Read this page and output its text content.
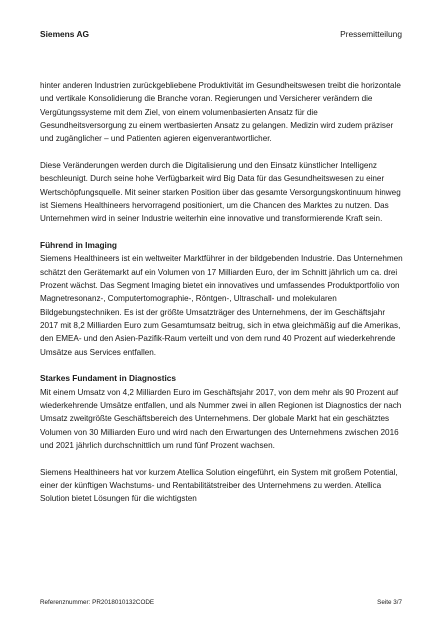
Siemens AG	Pressemitteilung

hinter anderen Industrien zurückgebliebene Produktivität im Gesundheitswesen treibt die horizontale und vertikale Konsolidierung die Branche voran. Regierungen und Versicherer verändern die Vergütungssysteme mit dem Ziel, von einem volumenbasierten Ansatz für die Gesundheitsversorgung zu einem wertbasierten Ansatz zu gelangen. Medizin wird zudem präziser und zugänglicher – und Patienten agieren eigenverantwortlicher.

Diese Veränderungen werden durch die Digitalisierung und den Einsatz künstlicher Intelligenz beschleunigt. Durch seine hohe Verfügbarkeit wird Big Data für das Gesundheitswesen zu einer Wertschöpfungsquelle. Mit seiner starken Position über das gesamte Versorgungskontinuum hinweg ist Siemens Healthineers hervorragend positioniert, um die Chancen des Marktes zu nutzen. Das Unternehmen wird in seiner Industrie weiterhin eine innovative und transformierende Kraft sein.

Führend in Imaging

Siemens Healthineers ist ein weltweiter Marktführer in der bildgebenden Industrie. Das Unternehmen schätzt den Gerätemarkt auf ein Volumen von 17 Milliarden Euro, der im Schnitt jährlich um ca. drei Prozent wächst. Das Segment Imaging bietet ein innovatives und umfassendes Produktportfolio von Magnetresonanz-, Computertomographie-, Röntgen-, Ultraschall- und molekularen Bildgebungstechniken. Es ist der größte Umsatzträger des Unternehmens, der im Geschäftsjahr 2017 mit 8,2 Milliarden Euro zum Gesamtumsatz beitrug, sich in etwa gleichmäßig auf die Amerikas, den EMEA- und den Asien-Pazifik-Raum verteilt und von dem rund 40 Prozent auf wiederkehrende Umsätze aus Services entfallen.

Starkes Fundament in Diagnostics

Mit einem Umsatz von 4,2 Milliarden Euro im Geschäftsjahr 2017, von dem mehr als 90 Prozent auf wiederkehrende Umsätze entfallen, und als Nummer zwei in allen Regionen ist Diagnostics der nach Umsatz zweitgrößte Geschäftsbereich des Unternehmens. Der globale Markt hat ein geschätztes Volumen von 30 Milliarden Euro und wird nach den Erwartungen des Unternehmens zwischen 2016 und 2021 jährlich durchschnittlich um rund fünf Prozent wachsen.

Siemens Healthineers hat vor kurzem Atellica Solution eingeführt, ein System mit großem Potential, einer der künftigen Wachstums- und Rentabilitätstreiber des Unternehmens zu werden. Atellica Solution bietet Lösungen für die wichtigsten

Referenznummer: PR2018010132CODE	Seite 3/7
